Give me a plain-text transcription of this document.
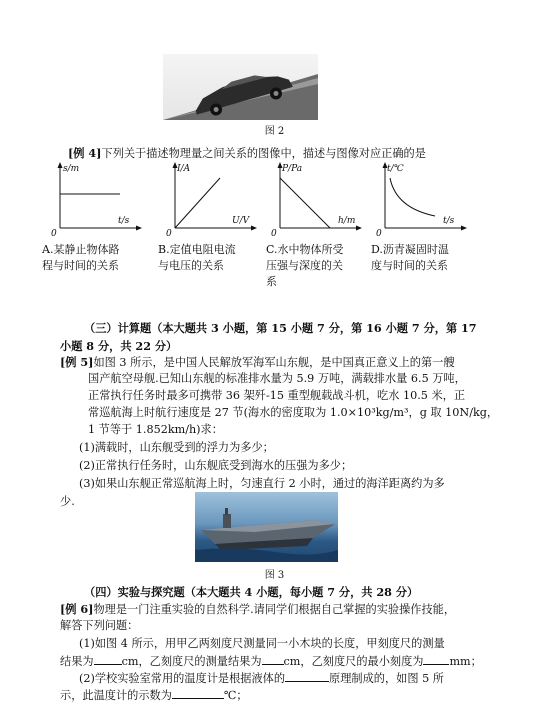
图 2
[例 4]下列关于描述物理量之间关系的图像中，描述与图像对应正确的是
s/m
t/s
0
I/A
U/V
0
P/Pa
h/m
0
t/℃
t/s
0
A.某静止物体路程与时间的关系
B.定值电阻电流与电压的关系
C.水中物体所受压强与深度的关系
D.沥青凝固时温度与时间的关系
（三）计算题（本大题共 3 小题，第 15 小题 7 分，第 16 小题 7 分，第 17
小题 8 分，共 22 分）
[例 5]如图 3 所示，是中国人民解放军海军山东舰，是中国真正意义上的第一艘
国产航空母舰.已知山东舰的标准排水量为 5.9 万吨，满载排水量 6.5 万吨，
正常执行任务时最多可携带 36 架歼-15 重型舰载战斗机，吃水 10.5 米，正
常巡航海上时航行速度是 27 节(海水的密度取为 1.0×10³kg/m³，g 取 10N/kg，
1 节等于 1.852km/h)求：
(1)满载时，山东舰受到的浮力为多少；
(2)正常执行任务时，山东舰底受到海水的压强为多少；
(3)如果山东舰正常巡航海上时，匀速直行 2 小时，通过的海洋距离约为多
少.
图 3
（四）实验与探究题（本大题共 4 小题，每小题 7 分，共 28 分）
[例 6]物理是一门注重实验的自然科学.请同学们根据自己掌握的实验操作技能，
解答下列问题：
(1)如图 4 所示，用甲乙两刻度尺测量同一小木块的长度，甲刻度尺的测量
结果为	cm，乙刻度尺的测量结果为 cm，乙刻度尺的最小刻度为 mm；
(2)学校实验室常用的温度计是根据液体的	原理制成的，如图 5 所
示，此温度计的示数为	℃；
